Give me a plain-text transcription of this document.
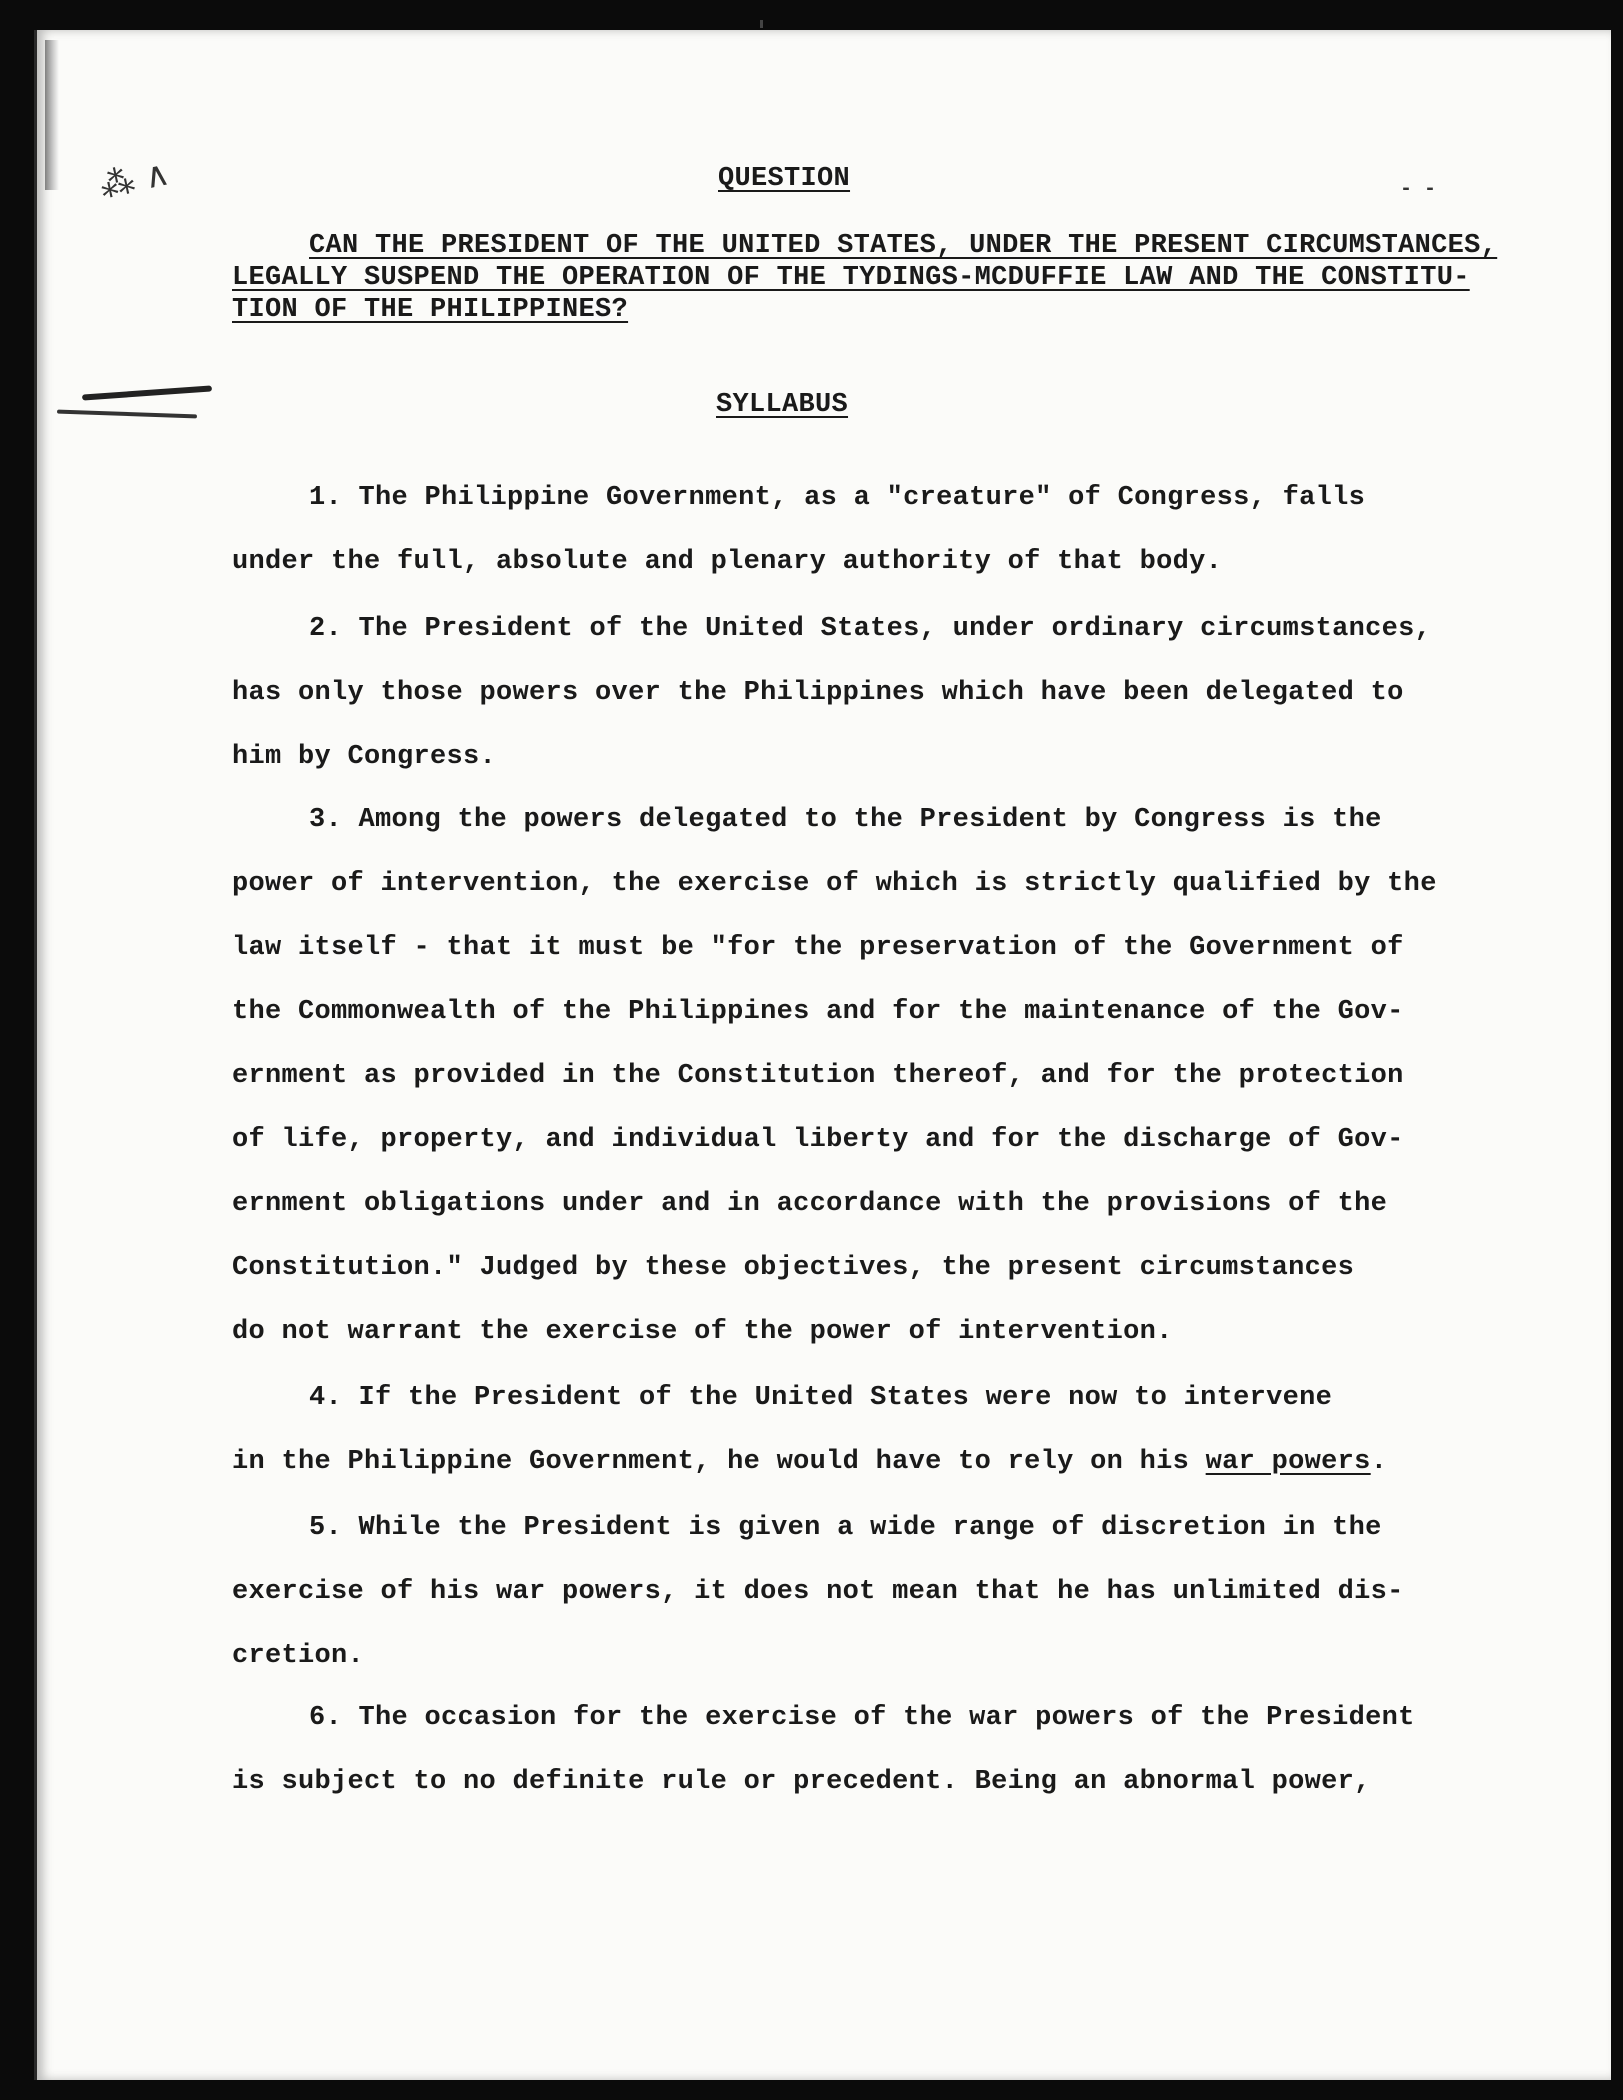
⁂ ∧	- -
QUESTION
CAN THE PRESIDENT OF THE UNITED STATES, UNDER THE PRESENT CIRCUMSTANCES,
LEGALLY SUSPEND THE OPERATION OF THE TYDINGS-MCDUFFIE LAW AND THE CONSTITU-
TION OF THE PHILIPPINES?
SYLLABUS
1. The Philippine Government, as a "creature" of Congress, falls
under the full, absolute and plenary authority of that body.
2. The President of the United States, under ordinary circumstances,
has only those powers over the Philippines which have been delegated to
him by Congress.
3. Among the powers delegated to the President by Congress is the
power of intervention, the exercise of which is strictly qualified by the
law itself - that it must be "for the preservation of the Government of
the Commonwealth of the Philippines and for the maintenance of the Gov-
ernment as provided in the Constitution thereof, and for the protection
of life, property, and individual liberty and for the discharge of Gov-
ernment obligations under and in accordance with the provisions of the
Constitution." Judged by these objectives, the present circumstances
do not warrant the exercise of the power of intervention.
4. If the President of the United States were now to intervene
in the Philippine Government, he would have to rely on his war powers.
5. While the President is given a wide range of discretion in the
exercise of his war powers, it does not mean that he has unlimited dis-
cretion.
6. The occasion for the exercise of the war powers of the President
is subject to no definite rule or precedent. Being an abnormal power,
